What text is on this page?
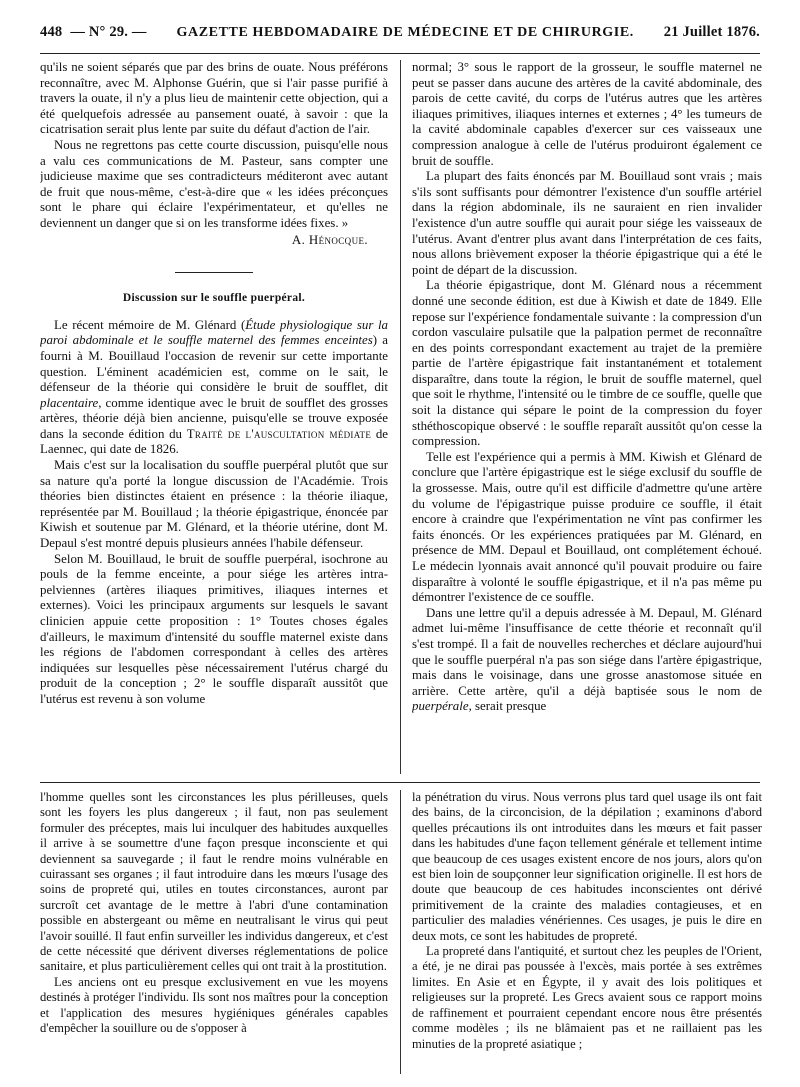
448 — N° 29. — GAZETTE HEBDOMADAIRE DE MÉDECINE ET DE CHIRURGIE. 21 Juillet 1876.

qu'ils ne soient séparés que par des brins de ouate. Nous préférons reconnaître, avec M. Alphonse Guérin, que si l'air passe purifié à travers la ouate, il n'y a plus lieu de maintenir cette objection, qui a été quelquefois adressée au pansement ouaté, à savoir : que la cicatrisation serait plus lente par suite du défaut d'action de l'air.

Nous ne regrettons pas cette courte discussion, puisqu'elle nous a valu ces communications de M. Pasteur, sans compter une judicieuse maxime que ses contradicteurs méditeront avec autant de fruit que nous-même, c'est-à-dire que « les idées préconçues sont le phare qui éclaire l'expérimentateur, et qu'elles ne deviennent un danger que si on les transforme idées fixes. »

A. Hénocque.

Discussion sur le souffle puerpéral.

Le récent mémoire de M. Glénard (Étude physiologique sur la paroi abdominale et le souffle maternel des femmes enceintes) a fourni à M. Bouillaud l'occasion de revenir sur cette importante question. L'éminent académicien est, comme on le sait, le défenseur de la théorie qui considère le bruit de soufflet, dit placentaire, comme identique avec le bruit de soufflet des grosses artères, théorie déjà bien ancienne, puisqu'elle se trouve exposée dans la seconde édition du Traité de l'auscultation médiate de Laennec, qui date de 1826.

Mais c'est sur la localisation du souffle puerpéral plutôt que sur sa nature qu'a porté la longue discussion de l'Académie. Trois théories bien distinctes étaient en présence : la théorie iliaque, représentée par M. Bouillaud ; la théorie épigastrique, énoncée par Kiwish et soutenue par M. Glénard, et la théorie utérine, dont M. Depaul s'est montré depuis plusieurs années l'habile défenseur.

Selon M. Bouillaud, le bruit de souffle puerpéral, isochrone au pouls de la femme enceinte, a pour siége les artères intra-pelviennes (artères iliaques primitives, iliaques internes et externes). Voici les principaux arguments sur lesquels le savant clinicien appuie cette proposition : 1° Toutes choses égales d'ailleurs, le maximum d'intensité du souffle maternel existe dans les régions de l'abdomen correspondant à celles des artères indiquées sur lesquelles pèse nécessairement l'utérus chargé du produit de la conception ; 2° le souffle disparaît aussitôt que l'utérus est revenu à son volume

normal; 3° sous le rapport de la grosseur, le souffle maternel ne peut se passer dans aucune des artères de la cavité abdominale, des parois de cette cavité, du corps de l'utérus autres que les artères iliaques primitives, iliaques internes et externes ; 4° les tumeurs de la cavité abdominale capables d'exercer sur ces vaisseaux une compression analogue à celle de l'utérus produiront également ce bruit de souffle.

La plupart des faits énoncés par M. Bouillaud sont vrais ; mais s'ils sont suffisants pour démontrer l'existence d'un souffle artériel dans la région abdominale, ils ne sauraient en rien invalider l'existence d'un autre souffle qui aurait pour siége les vaisseaux de l'utérus. Avant d'entrer plus avant dans l'interprétation de ces faits, nous allons brièvement exposer la théorie épigastrique qui a été le point de départ de la discussion.

La théorie épigastrique, dont M. Glénard nous a récemment donné une seconde édition, est due à Kiwish et date de 1849. Elle repose sur l'expérience fondamentale suivante : la compression d'un cordon vasculaire pulsatile que la palpation permet de reconnaître en des points correspondant exactement au trajet de la première partie de l'artère épigastrique fait instantanément et totalement disparaître, dans toute la région, le bruit de souffle maternel, quel que soit le rhythme, l'intensité ou le timbre de ce souffle, quelle que soit la distance qui sépare le point de la compression du foyer sthéthoscopique observé : le souffle reparaît aussitôt qu'on cesse la compression.

Telle est l'expérience qui a permis à MM. Kiwish et Glénard de conclure que l'artère épigastrique est le siége exclusif du souffle de la grossesse. Mais, outre qu'il est difficile d'admettre qu'une artère du volume de l'épigastrique puisse produire ce souffle, il était encore à craindre que l'expérimentation ne vînt pas confirmer les faits énoncés. Or les expériences pratiquées par M. Glénard, en présence de MM. Depaul et Bouillaud, ont complétement échoué. Le médecin lyonnais avait annoncé qu'il pouvait produire ou faire disparaître à volonté le souffle épigastrique, et il n'a pas même pu démontrer l'existence de ce souffle.

Dans une lettre qu'il a depuis adressée à M. Depaul, M. Glénard admet lui-même l'insuffisance de cette théorie et reconnaît qu'il s'est trompé. Il a fait de nouvelles recherches et déclare aujourd'hui que le souffle puerpéral n'a pas son siége dans l'artère épigastrique, mais dans le voisinage, dans une grosse anastomose située en arrière. Cette artère, qu'il a déjà baptisée sous le nom de puerpérale, serait presque

l'homme quelles sont les circonstances les plus périlleuses, quels sont les foyers les plus dangereux ; il faut, non pas seulement formuler des préceptes, mais lui inculquer des habitudes auxquelles il arrive à se soumettre d'une façon presque inconsciente et qui deviennent sa sauvegarde ; il faut le rendre moins vulnérable en cuirassant ses organes ; il faut introduire dans les mœurs l'usage des soins de propreté qui, utiles en toutes circonstances, auront par surcroît cet avantage de le mettre à l'abri d'une contamination possible en abstergeant ou même en neutralisant le virus qui peut l'avoir souillé. Il faut enfin surveiller les individus dangereux, et c'est de cette nécessité que dérivent diverses réglementations de police sanitaire, et plus particulièrement celles qui ont trait à la prostitution.

Les anciens ont eu presque exclusivement en vue les moyens destinés à protéger l'individu. Ils sont nos maîtres pour la conception et l'application des mesures hygiéniques générales capables d'empêcher la souillure ou de s'opposer à

la pénétration du virus. Nous verrons plus tard quel usage ils ont fait des bains, de la circoncision, de la dépilation ; examinons d'abord quelles précautions ils ont introduites dans les mœurs et fait passer dans les habitudes d'une façon tellement générale et tellement intime que beaucoup de ces usages existent encore de nos jours, alors qu'on est bien loin de soupçonner leur signification originelle. Il est hors de doute que beaucoup de ces habitudes inconscientes ont dérivé primitivement de la crainte des maladies contagieuses, et en particulier des maladies vénériennes. Ces usages, je puis le dire en deux mots, ce sont les habitudes de propreté.

La propreté dans l'antiquité, et surtout chez les peuples de l'Orient, a été, je ne dirai pas poussée à l'excès, mais portée à ses extrêmes limites. En Asie et en Égypte, il y avait des lois politiques et religieuses sur la propreté. Les Grecs avaient sous ce rapport moins de raffinement et pourraient cependant encore nous être présentés comme modèles ; ils ne blâmaient pas et ne raillaient pas les minuties de la propreté asiatique ;
